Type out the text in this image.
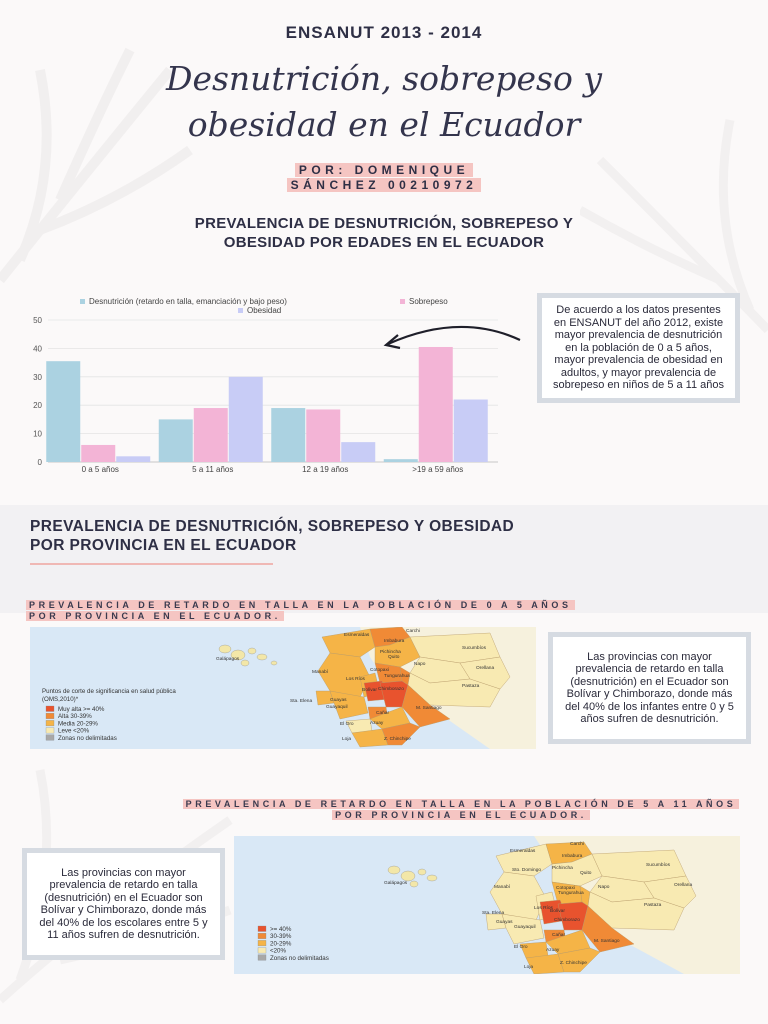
ENSANUT 2013 - 2014
Desnutrición, sobrepeso y
obesidad en el Ecuador
POR: DOMENIQUE SÁNCHEZ 00210972
PREVALENCIA DE DESNUTRICIÓN, SOBREPESO Y
OBESIDAD POR EDADES EN EL ECUADOR
0
10
20
30
40
50
Desnutrición (retardo en talla, emanciación y bajo peso)	Sobrepeso
Obesidad
0 a 5 años	5 a 11 años	12 a 19 años	>19 a 59 años
De acuerdo a los datos presentes en ENSANUT del año 2012, existe mayor prevalencia de desnutrición en la población de 0 a 5 años, mayor prevalencia de obesidad en adultos, y mayor prevalencia de sobrepeso en niños de 5 a 11 años
PREVALENCIA DE DESNUTRICIÓN, SOBREPESO Y OBESIDAD
POR PROVINCIA EN EL ECUADOR
PREVALENCIA DE RETARDO EN TALLA EN LA POBLACIÓN DE 0 A 5 AÑOS
POR PROVINCIA EN EL ECUADOR.
Galápagos
Esmeraldas
Carchi
Imbabura
Pichincha
Quito
Sucumbíos
Napo
Orellana
Manabí	Cotopaxi
Tungurahua
Pastaza
Los Ríos
Bolívar Chimborazo
Sta. Elena	Guayas
Cañar
Guayaquil
Azuay
M. Santiago
El Oro
Loja	Z. Chinchipe
Puntos de corte de significancia en salud pública
(OMS,2010)*
Muy alta >= 40%
Alta 30-39%
Media 20-29%
Leve <20%
Zonas no delimitadas
Las provincias con mayor prevalencia de retardo en talla (desnutrición) en el Ecuador son Bolívar y Chimborazo, donde más del 40% de los infantes entre 0 y 5 años sufren de desnutrición.
PREVALENCIA DE RETARDO EN TALLA EN LA POBLACIÓN DE 5 A 11 AÑOS
POR PROVINCIA EN EL ECUADOR.
Galápagos
Esmeraldas
Carchi
Imbabura
Sto. Domingo Pichincha
Quito
Sucumbíos
Napo	Orellana
Manabí	Cotopaxi
Tungurahua
Pastaza
Los Ríos
Bolívar
Chimborazo
Sta. Elena
Guayas
Cañar
Guayaquil
Azuay
M. Santiago
El Oro
Loja
Z. Chinchipe
>= 40%
30-39%
20-29%
<20%
Zonas no delimitadas
Las provincias con mayor prevalencia de retardo en talla (desnutrición) en el Ecuador son Bolívar y Chimborazo, donde más del 40% de los escolares entre 5 y 11 años sufren de desnutrición.
